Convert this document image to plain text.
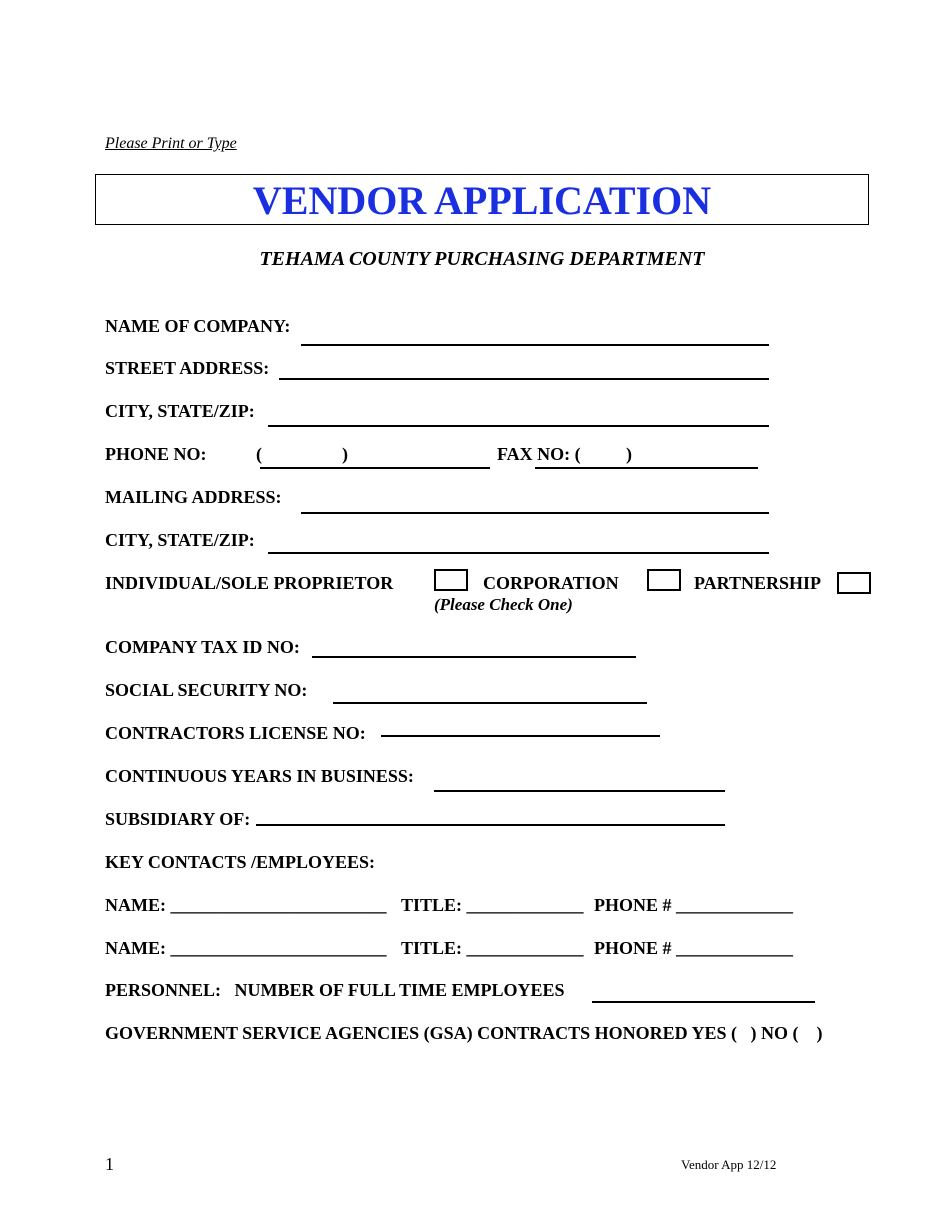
Please Print or Type
VENDOR APPLICATION
TEHAMA COUNTY PURCHASING DEPARTMENT
NAME OF COMPANY:
STREET ADDRESS:
CITY, STATE/ZIP:
PHONE NO:	(	)	FAX NO: (	)
MAILING ADDRESS:
CITY, STATE/ZIP:
INDIVIDUAL/SOLE PROPRIETOR	CORPORATION	PARTNERSHIP
(Please Check One)
COMPANY TAX ID NO:
SOCIAL SECURITY NO:
CONTRACTORS LICENSE NO:
CONTINUOUS YEARS IN BUSINESS:
SUBSIDIARY OF:
KEY CONTACTS /EMPLOYEES:
NAME: ________________________ TITLE: _____________ PHONE # _____________
NAME: ________________________ TITLE: _____________ PHONE # _____________
PERSONNEL:   NUMBER OF FULL TIME EMPLOYEES
GOVERNMENT SERVICE AGENCIES (GSA) CONTRACTS HONORED YES (   ) NO (    )
1	Vendor App 12/12
